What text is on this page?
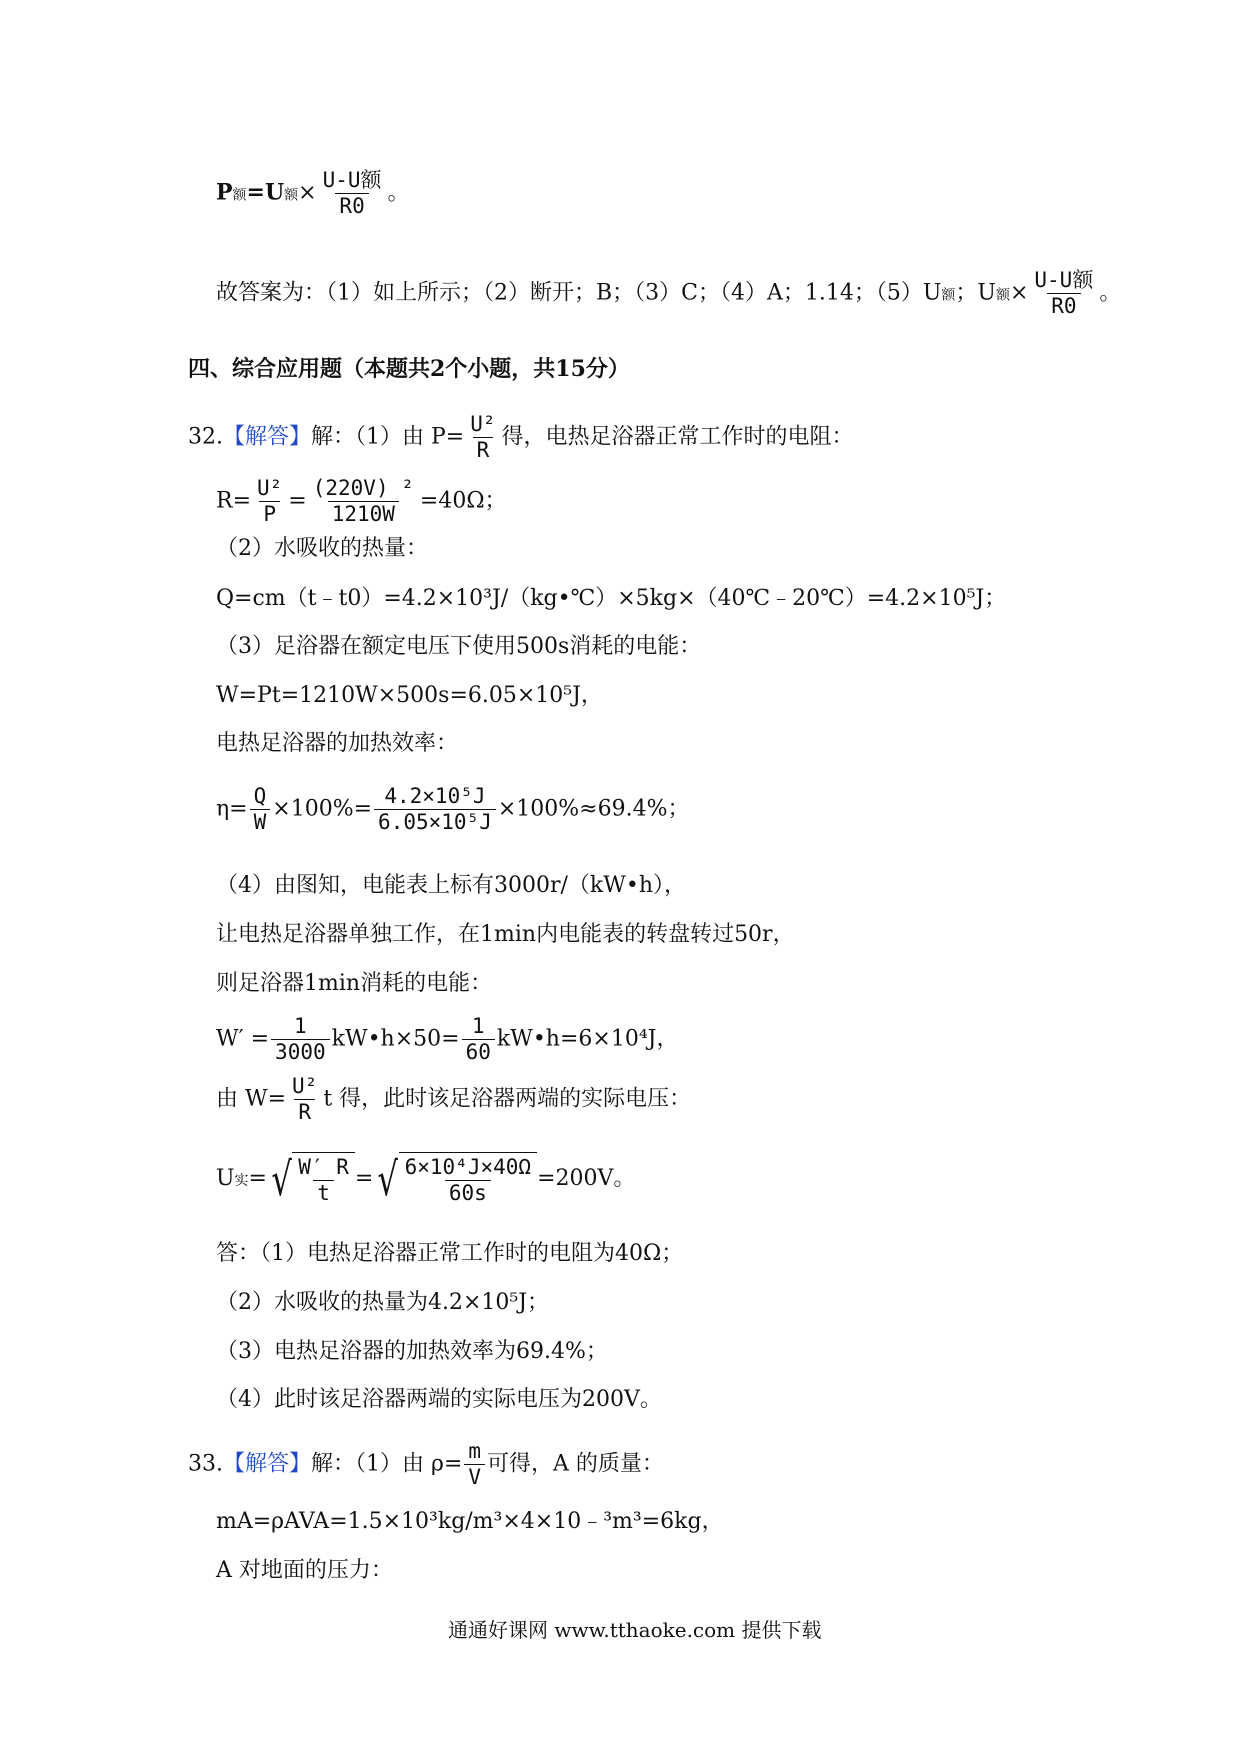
P额=U额× $\frac{\text{U-U额}}{R0}$ 。
故答案为：（1）如上所示；（2）断开；B；（3）C；（4）A；1.14；（5）U额；U额× $\frac{\text{U-U额}}{R0}$ 。
四、综合应用题（本题共2个小题，共15分）
32.【解答】解：（1）由 $P= \frac{\text{U²}}{R}$ 得，电热足浴器正常工作时的电阻：
$R= \frac{\text{U²}}{P} = \frac{\text{(220V) ²}}{1210W} =40\Omega$；
（2）水吸收的热量：
Q=cm（t﹣t0）=4.2×10³J/（kg•℃）×5kg×（40℃﹣20℃）=4.2×10⁵J；
（3）足浴器在额定电压下使用500s消耗的电能：
W=Pt=1210W×500s=6.05×10⁵J，
电热足浴器的加热效率：
$\eta= \frac{Q}{W} \times 100\%= \frac{\text{4.2×10⁵J}}{\text{6.05×10⁵J}} \times 100\%\approx 69.4\%$；
（4）由图知，电能表上标有3000r/（kW•h），
让电热足浴器单独工作，在1min内电能表的转盘转过50r，
则足浴器1min消耗的电能：
$W' = \frac{1}{3000}$ kW•h×50= $\frac{1}{60}$ kW•h=6×10⁴J，
由 $W= \frac{\text{U²}}{R}$ t 得，此时该足浴器两端的实际电压：
U实= √ $\frac{W' R}{t}$ = √ $\frac{\text{6×10⁴J×40Ω}}{60s} =200V$。
答：（1）电热足浴器正常工作时的电阻为40Ω；
（2）水吸收的热量为4.2×10⁵J；
（3）电热足浴器的加热效率为69.4%；
（4）此时该足浴器两端的实际电压为200V。
33.【解答】解：（1）由 $\rho= \frac{m}{V}$ 可得，A 的质量：
mA=ρAVA=1.5×10³kg/m³×4×10﹣³m³=6kg，
A 对地面的压力：
通通好课网 www.tthaoke.com 提供下载
